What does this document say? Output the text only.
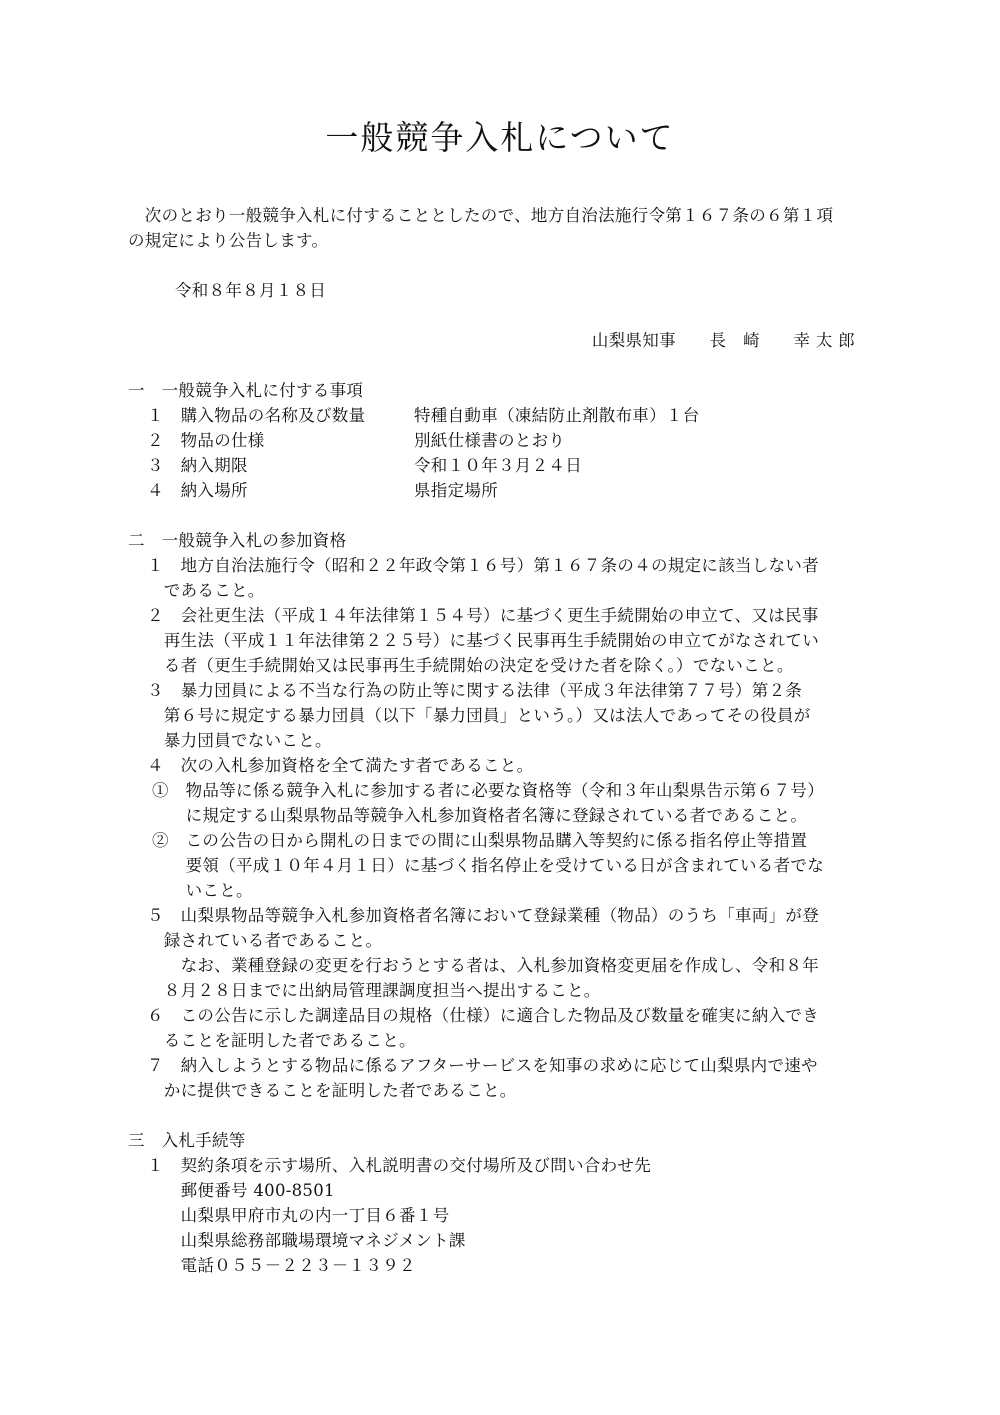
一般競争入札について
　次のとおり一般競争入札に付することとしたので、地方自治法施行令第１６７条の６第１項
の規定により公告します。
令和８年８月１８日
山梨県知事　　長　崎　　幸 太 郎
一　一般競争入札に付する事項
１　購入物品の名称及び数量	特種自動車（凍結防止剤散布車）１台
２　物品の仕様	別紙仕様書のとおり
３　納入期限	令和１０年３月２４日
４　納入場所	県指定場所
二　一般競争入札の参加資格
１　地方自治法施行令（昭和２２年政令第１６号）第１６７条の４の規定に該当しない者
　であること。
２　会社更生法（平成１４年法律第１５４号）に基づく更生手続開始の申立て、又は民事
　再生法（平成１１年法律第２２５号）に基づく民事再生手続開始の申立てがなされてい
　る者（更生手続開始又は民事再生手続開始の決定を受けた者を除く。）でないこと。
３　暴力団員による不当な行為の防止等に関する法律（平成３年法律第７７号）第２条
　第６号に規定する暴力団員（以下「暴力団員」という。）又は法人であってその役員が
　暴力団員でないこと。
４　次の入札参加資格を全て満たす者であること。
①　物品等に係る競争入札に参加する者に必要な資格等（令和３年山梨県告示第６７号）
　　に規定する山梨県物品等競争入札参加資格者名簿に登録されている者であること。
②　この公告の日から開札の日までの間に山梨県物品購入等契約に係る指名停止等措置
　　要領（平成１０年４月１日）に基づく指名停止を受けている日が含まれている者でな
　　いこと。
５　山梨県物品等競争入札参加資格者名簿において登録業種（物品）のうち「車両」が登
　録されている者であること。
　　なお、業種登録の変更を行おうとする者は、入札参加資格変更届を作成し、令和８年
　８月２８日までに出納局管理課調度担当へ提出すること。
６　この公告に示した調達品目の規格（仕様）に適合した物品及び数量を確実に納入でき
　ることを証明した者であること。
７　納入しようとする物品に係るアフターサービスを知事の求めに応じて山梨県内で速や
　かに提供できることを証明した者であること。
三　入札手続等
１　契約条項を示す場所、入札説明書の交付場所及び問い合わせ先
　　郵便番号 400-8501
　　山梨県甲府市丸の内一丁目６番１号
　　山梨県総務部職場環境マネジメント課
　　電話０５５－２２３－１３９２
